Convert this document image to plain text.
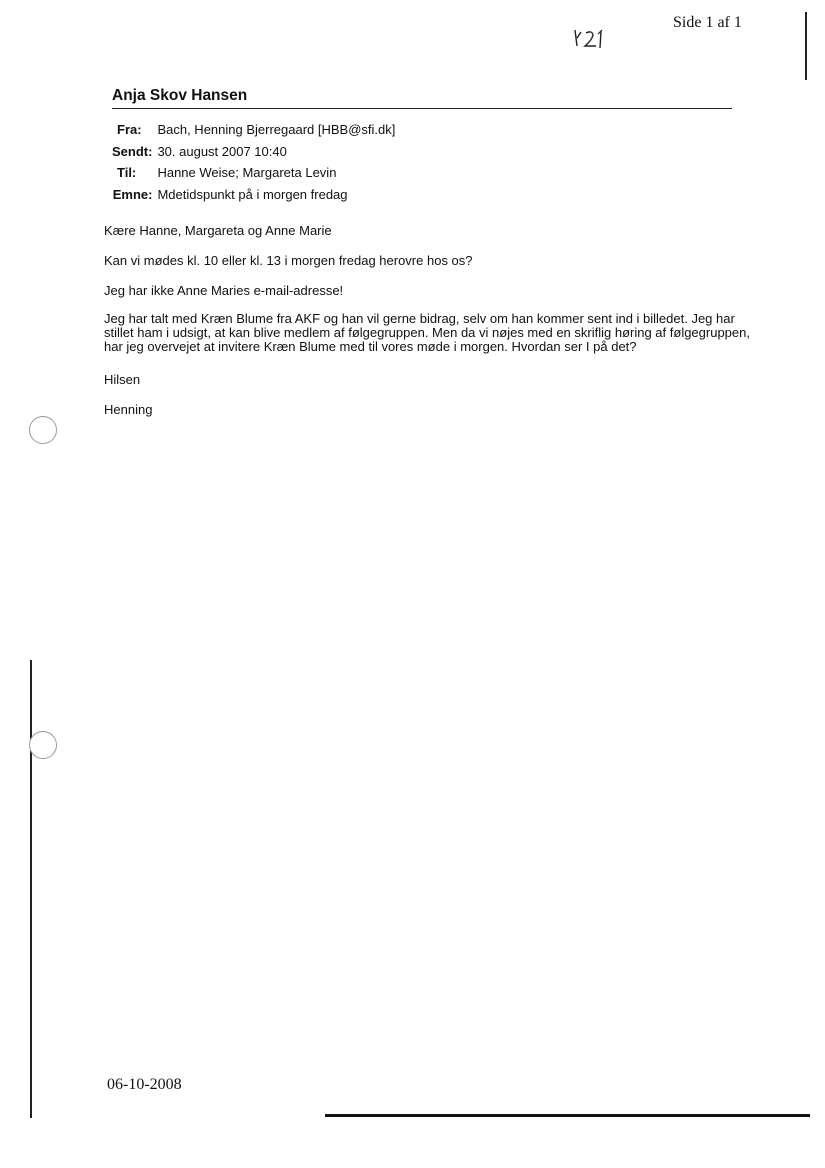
Side 1 af 1
Anja Skov Hansen
Fra:	Bach, Henning Bjerregaard [HBB@sfi.dk]
Sendt:	30. august 2007 10:40
Til:	Hanne Weise; Margareta Levin
Emne:	Mdetidspunkt på i morgen fredag

Kære Hanne, Margareta og Anne Marie

Kan vi mødes kl. 10 eller kl. 13 i morgen fredag herovre hos os?

Jeg har ikke Anne Maries e-mail-adresse!

Jeg har talt med Kræn Blume fra AKF og han vil gerne bidrag, selv om han kommer sent ind i billedet. Jeg har stillet ham i udsigt, at kan blive medlem af følgegruppen. Men da vi nøjes med en skriflig høring af følgegruppen, har jeg overvejet at invitere Kræn Blume med til vores møde i morgen. Hvordan ser I på det?

Hilsen

Henning

06-10-2008
